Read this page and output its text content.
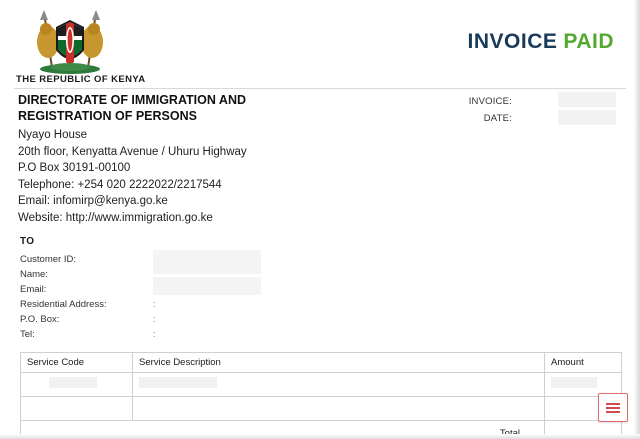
THE REPUBLIC OF KENYA
INVOICE PAID
DIRECTORATE OF IMMIGRATION AND
REGISTRATION OF PERSONS
Nyayo House
20th floor, Kenyatta Avenue / Uhuru Highway
P.O Box 30191-00100
Telephone: +254 020 2222022/2217544
Email: infomirp@kenya.go.ke
Website: http://www.immigration.go.ke
INVOICE:
DATE:
TO
Customer ID:
Name:
Email:
Residential Address:
P.O. Box:
Tel:
:
:
:
Service Code	Service Description	Amount
